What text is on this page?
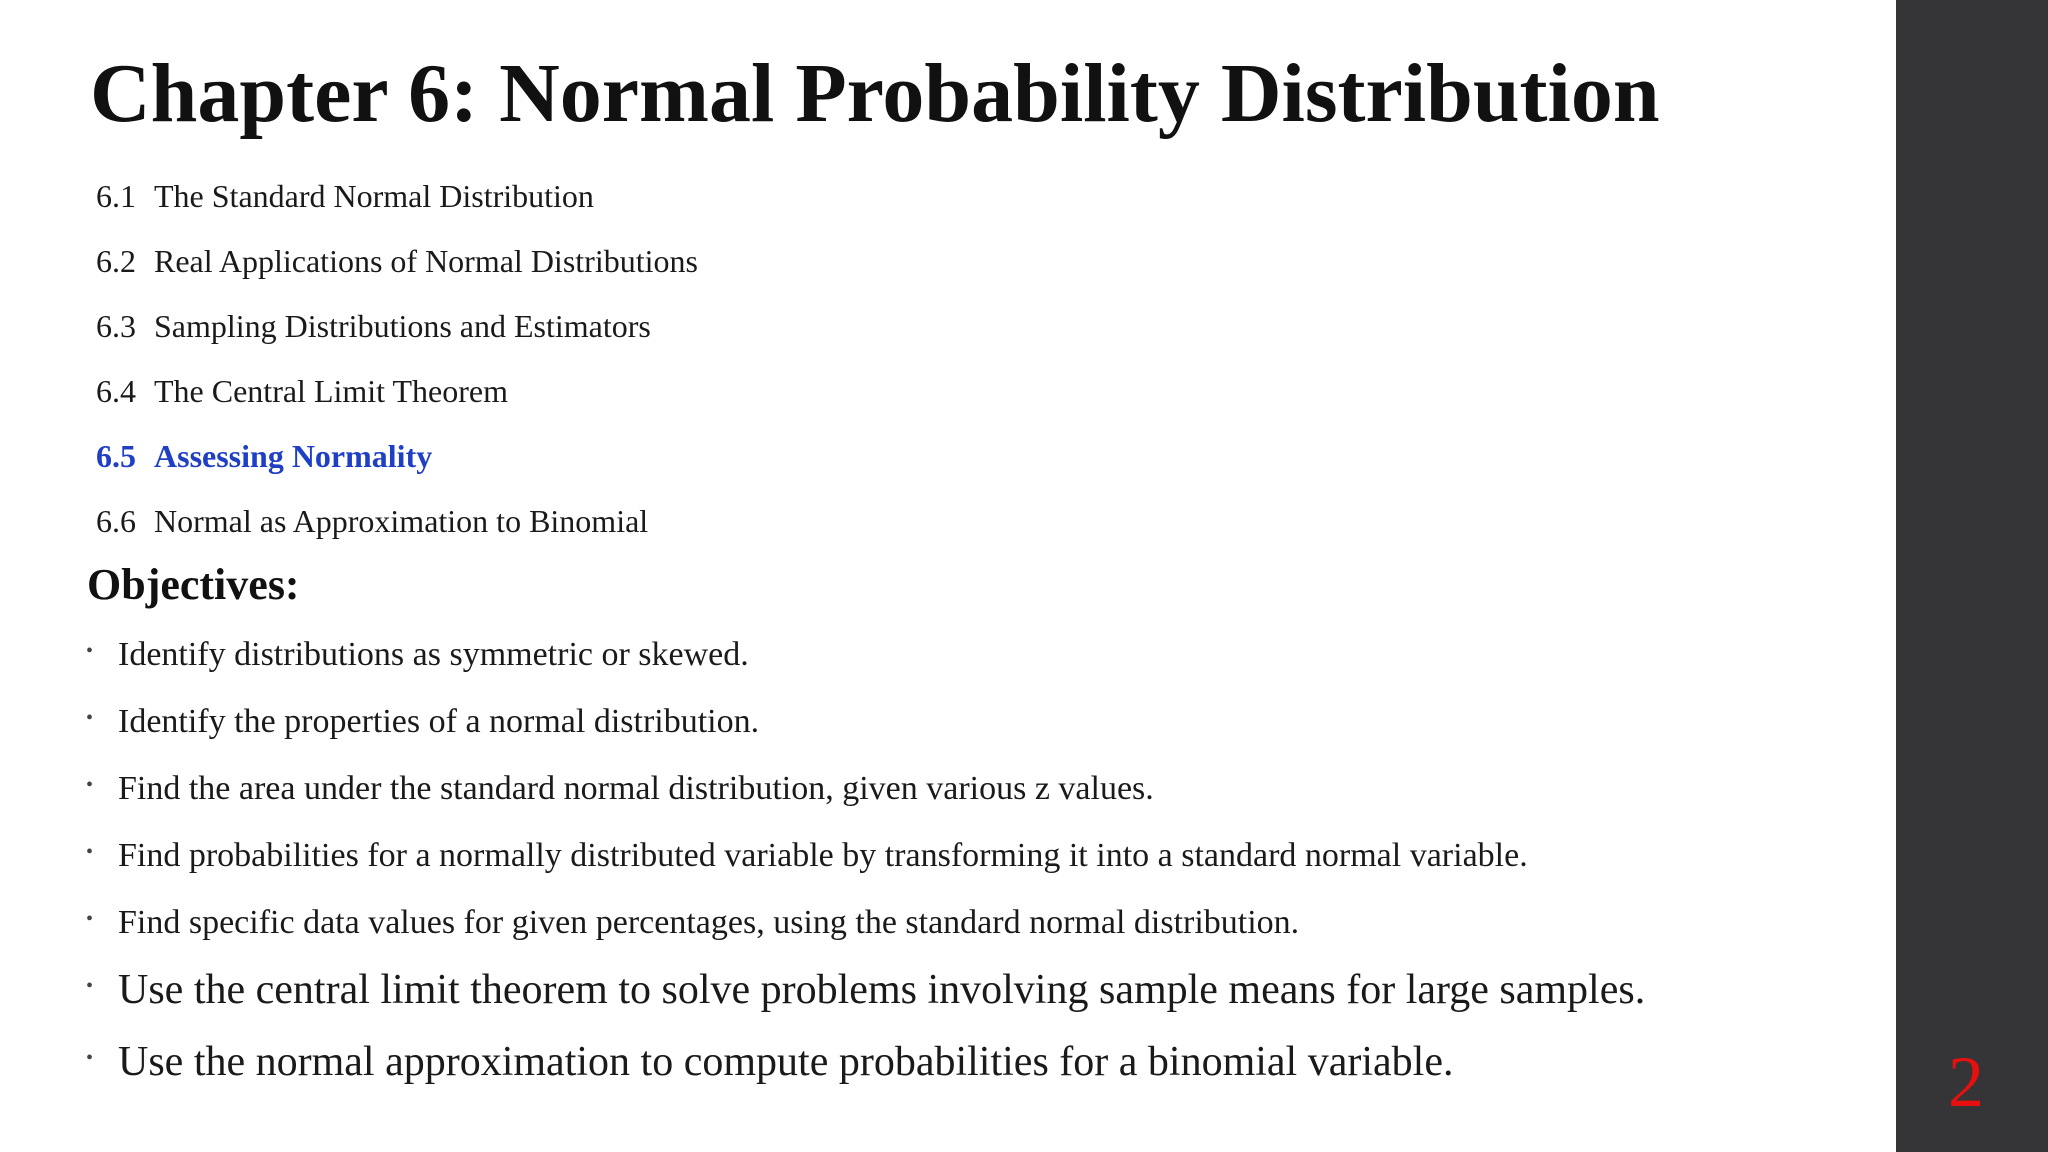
Chapter 6: Normal Probability Distribution
6.1 The Standard Normal Distribution
6.2 Real Applications of Normal Distributions
6.3 Sampling Distributions and Estimators
6.4 The Central Limit Theorem
6.5 Assessing Normality
6.6 Normal as Approximation to Binomial
Objectives:
• Identify distributions as symmetric or skewed.
• Identify the properties of a normal distribution.
• Find the area under the standard normal distribution, given various z values.
• Find probabilities for a normally distributed variable by transforming it into a standard normal variable.
• Find specific data values for given percentages, using the standard normal distribution.
• Use the central limit theorem to solve problems involving sample means for large samples.
• Use the normal approximation to compute probabilities for a binomial variable.	2
